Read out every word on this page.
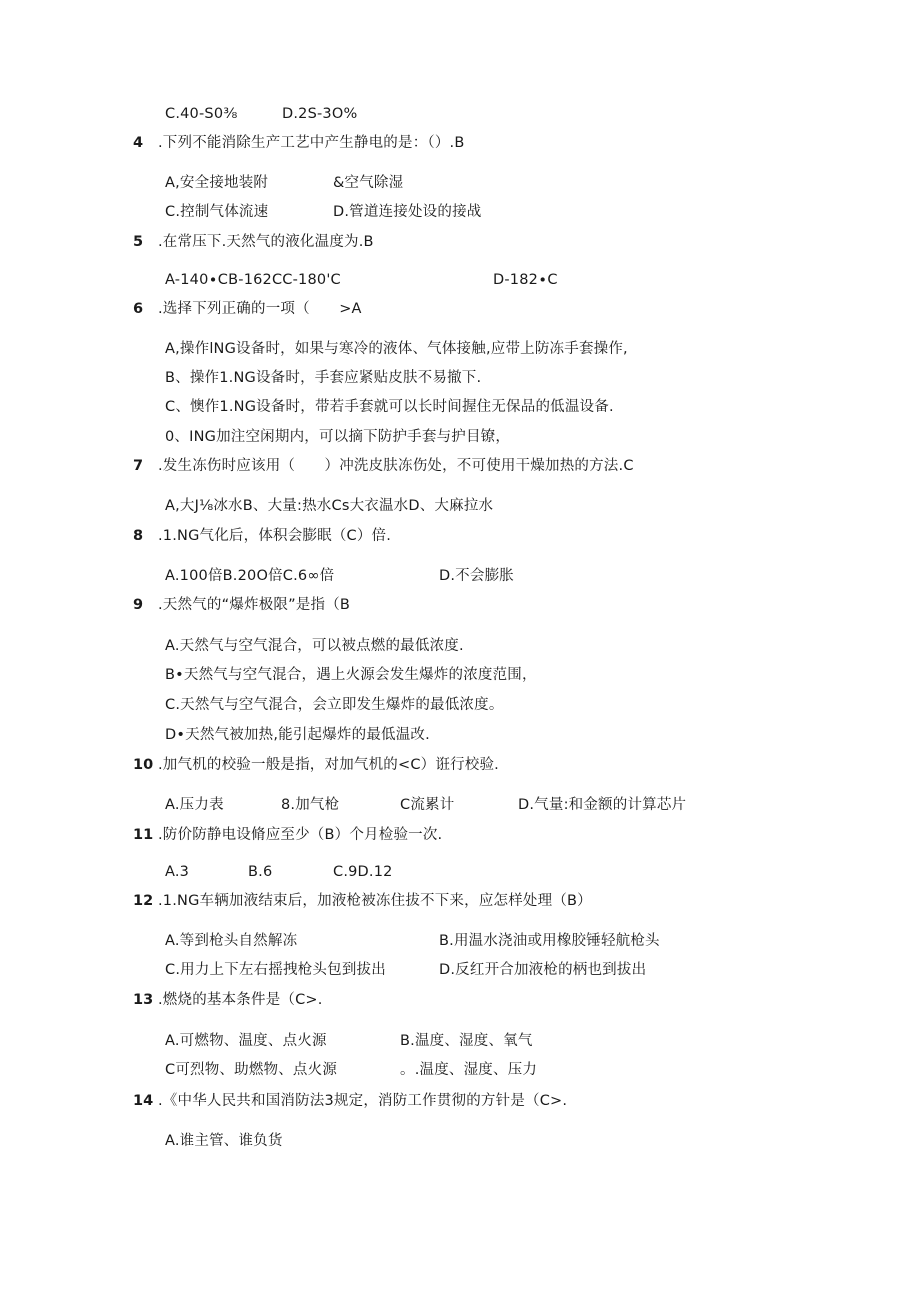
C.40-S0⅜	D.2S-3O%
4 .下列不能消除生产工艺中产生静电的是：（）.B
A,安全接地装附	&空气除湿
C.控制气体流速	D.管道连接处设的接战
5 .在常压下.天然气的液化温度为.B
A-140∙CB-162CC-180'C	D-182∙C
6 .选择下列正确的一项（　　>A
A,操作lNG设备时，如果与寒冷的液体、气体接触,应带上防冻手套操作,
B、操作1.NG设备时，手套应紧贴皮肤不易撤下.
C、懊作1.NG设备时，带若手套就可以长时间握住无保品的低温设备.
0、ING加注空闲期内，可以摘下防护手套与护目镣，
7 .发生冻伤时应该用（　　）冲洗皮肤冻伤处，不可使用干燥加热的方法.C
A,大J⅛冰水B、大量:热水Cs大衣温水D、大麻拉水
8 .1.NG气化后，体积会膨眠（C）倍.
A.100倍B.20O倍C.6∞倍	D.不会膨胀
9 .天然气的“爆炸极限”是指（B
A.天然气与空气混合，可以被点燃的最低浓度.
B•天然气与空气混合，遇上火源会发生爆炸的浓度范围，
C.天然气与空气混合，会立即发生爆炸的最低浓度。
D•天然气被加热,能引起爆炸的最低温改.
10 .加气机的校验一般是指，对加气机的<C）诳行校验.
A.压力表	8.加气枪	C流累计	D.气量:和金额的计算芯片
11 .防价防静电设脩应至少（B）个月检验一次.
A.3	B.6	C.9D.12
12 .1.NG车辆加液结束后，加液枪被冻住拔不下来，应怎样处理（B）
A.等到枪头自然解冻	B.用温水浇油或用橡胶锤轻航枪头
C.用力上下左右摇拽枪头包到拔出	D.反红开合加液枪的柄也到拔出
13 .燃烧的基本条件是（C>.
A.可燃物、温度、点火源	B.温度、湿度、氧气
C可烈物、助燃物、点火源	。.温度、湿度、压力
14 .《中华人民共和国消防法3规定，消防工作贯彻的方针是（C>.
A.谁主管、谁负货
